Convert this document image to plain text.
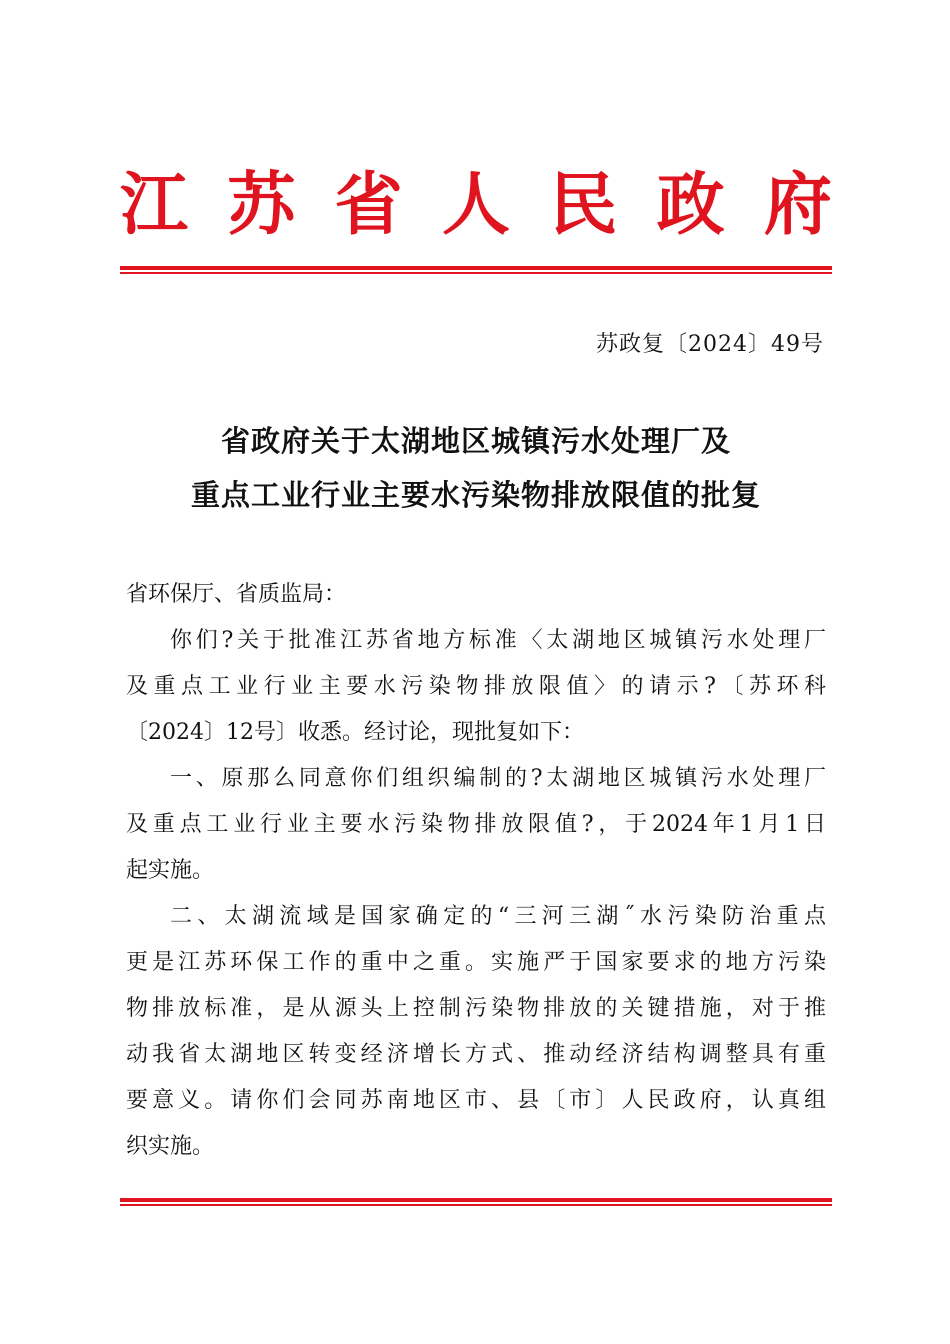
江 苏 省 人 民 政 府
苏政复〔2024〕49号
省政府关于太湖地区城镇污水处理厂及
重点工业行业主要水污染物排放限值的批复
省环保厅、省质监局：
你们?关于批准江苏省地方标准〈太湖地区城镇污水处理厂
及重点工业行业主要水污染物排放限值〉的请示?〔苏环科
〔2024〕12号〕收悉。经讨论，现批复如下：
一、原那么同意你们组织编制的?太湖地区城镇污水处理厂
及重点工业行业主要水污染物排放限值?，于2024年1月1日
起实施。
二、太湖流域是国家确定的“三河三湖˝水污染防治重点
更是江苏环保工作的重中之重。实施严于国家要求的地方污染
物排放标准，是从源头上控制污染物排放的关键措施，对于推
动我省太湖地区转变经济增长方式、推动经济结构调整具有重
要意义。请你们会同苏南地区市、县〔市〕人民政府，认真组
织实施。
